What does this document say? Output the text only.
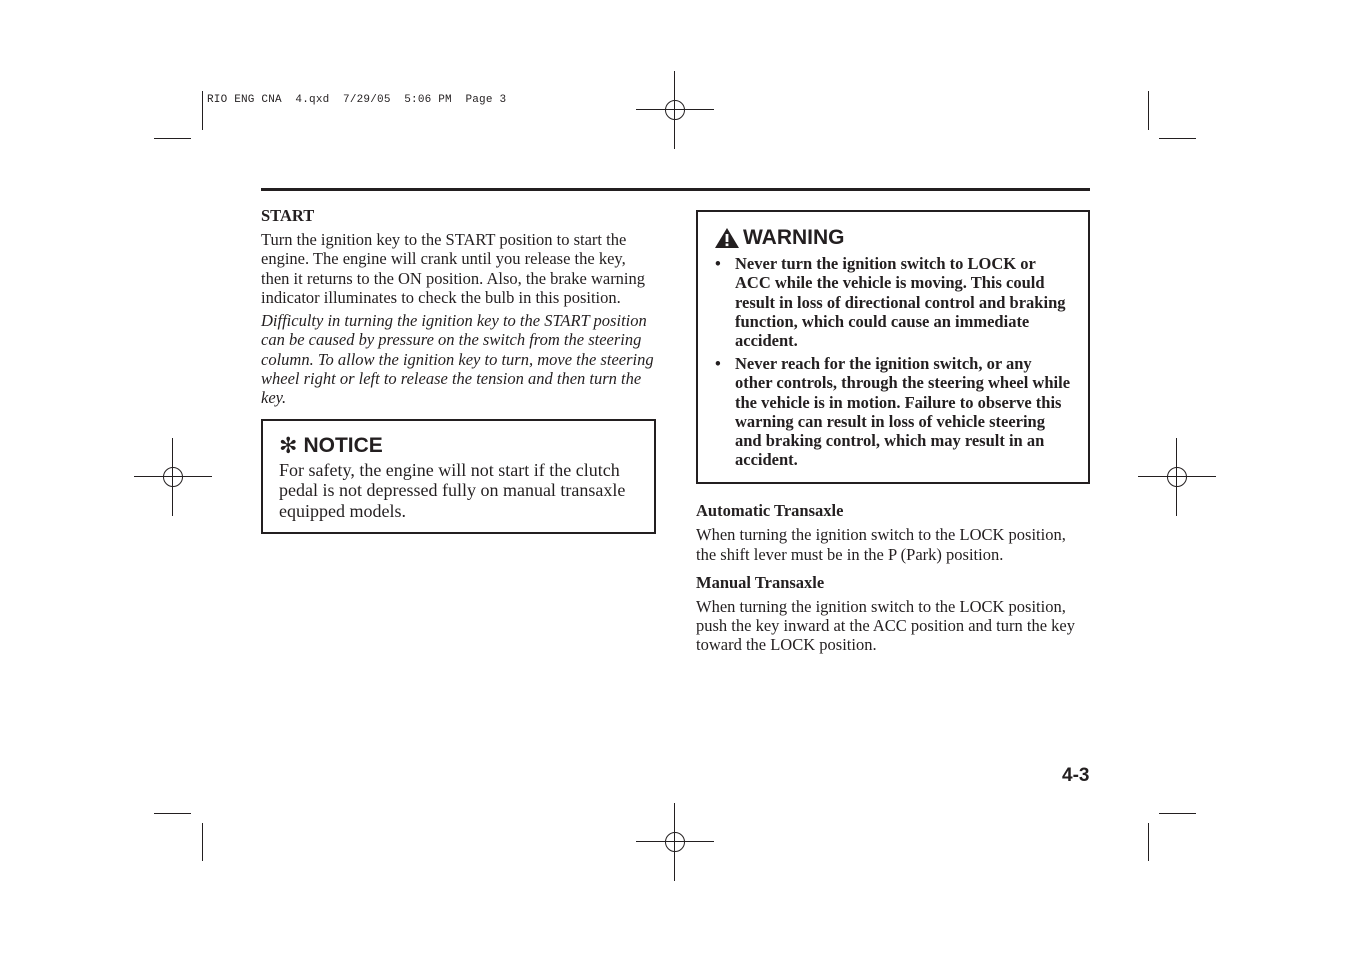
RIO ENG CNA  4.qxd  7/29/05  5:06 PM  Page 3
START

Turn the ignition key to the START position to start the engine. The engine will crank until you release the key, then it returns to the ON position. Also, the brake warning indicator illuminates to check the bulb in this position.

Difficulty in turning the ignition key to the START position can be caused by pressure on the switch from the steering column. To allow the ignition key to turn, move the steering wheel right or left to release the tension and then turn the key.

✻ NOTICE
For safety, the engine will not start if the clutch pedal is not depressed fully on manual transaxle equipped models.
WARNING
• Never turn the ignition switch to LOCK or ACC while the vehicle is moving. This could result in loss of directional control and braking function, which could cause an immediate accident.
• Never reach for the ignition switch, or any other controls, through the steering wheel while the vehicle is in motion. Failure to observe this warning can result in loss of vehicle steering and braking control, which may result in an accident.
Automatic Transaxle

When turning the ignition switch to the LOCK position, the shift lever must be in the P (Park) position.

Manual Transaxle

When turning the ignition switch to the LOCK position, push the key inward at the ACC position and turn the key toward the LOCK position.

4-3
